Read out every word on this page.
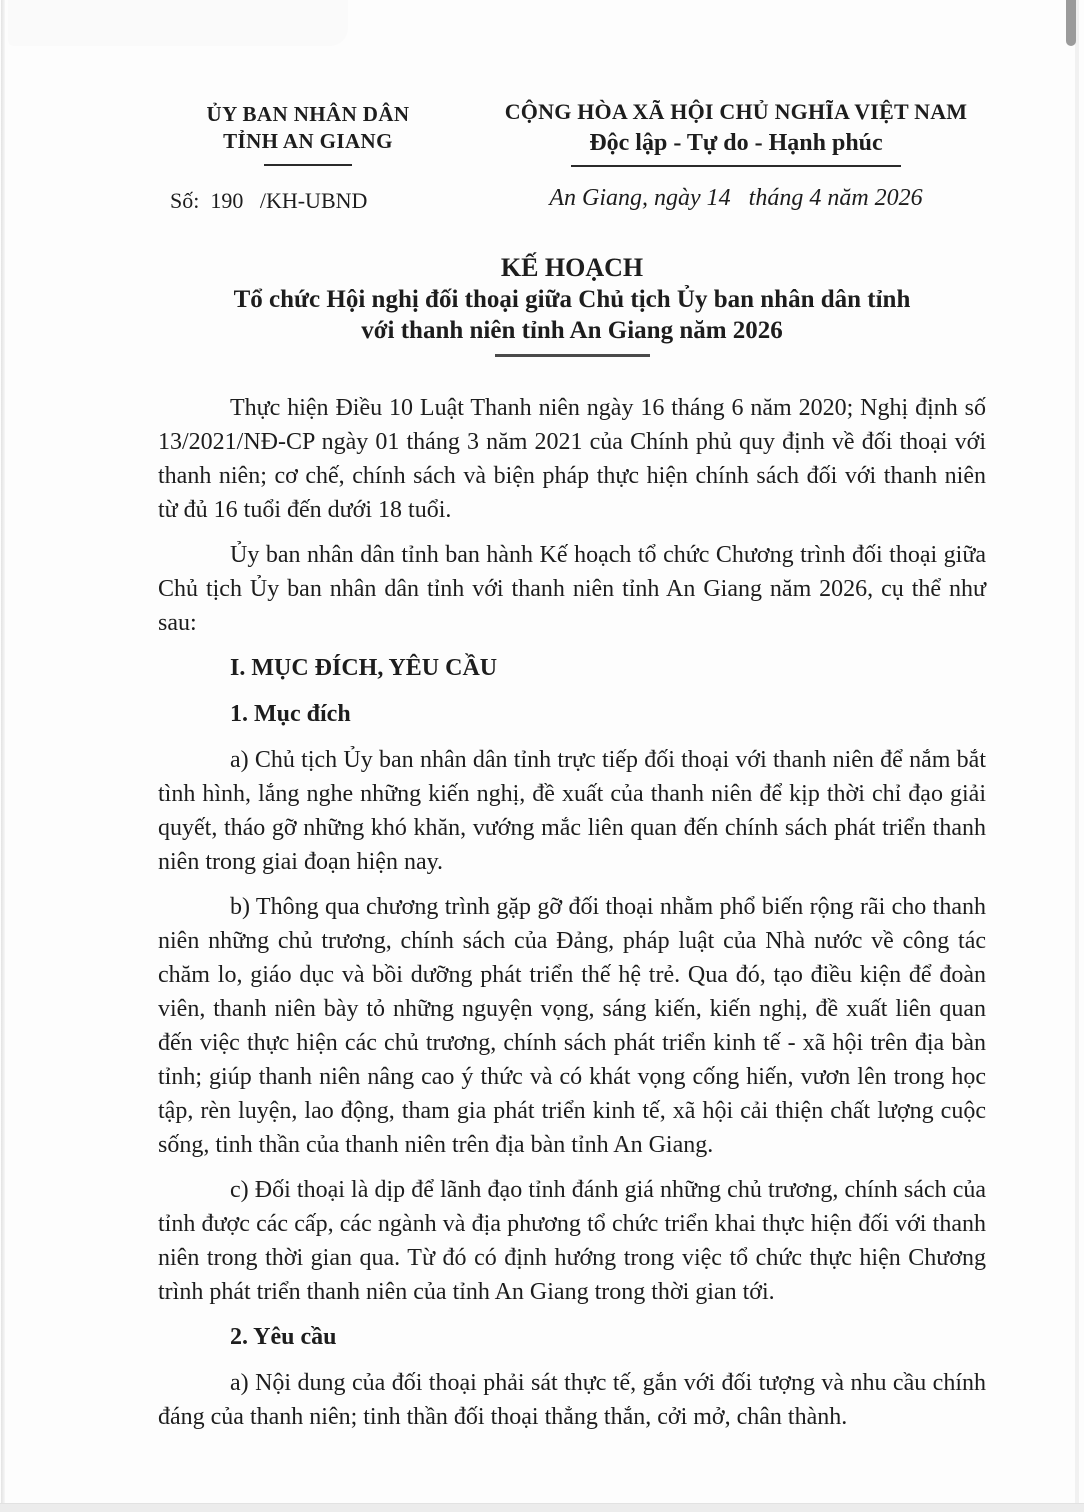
ỦY BAN NHÂN DÂN
TỈNH AN GIANG
Số:  190   /KH-UBND
CỘNG HÒA XÃ HỘI CHỦ NGHĨA VIỆT NAM
Độc lập - Tự do - Hạnh phúc
An Giang, ngày 14   tháng 4 năm 2026
KẾ HOẠCH
Tổ chức Hội nghị đối thoại giữa Chủ tịch Ủy ban nhân dân tỉnh
với thanh niên tỉnh An Giang năm 2026
Thực hiện Điều 10 Luật Thanh niên ngày 16 tháng 6 năm 2020; Nghị định số 13/2021/NĐ-CP ngày 01 tháng 3 năm 2021 của Chính phủ quy định về đối thoại với thanh niên; cơ chế, chính sách và biện pháp thực hiện chính sách đối với thanh niên từ đủ 16 tuổi đến dưới 18 tuổi.
Ủy ban nhân dân tỉnh ban hành Kế hoạch tổ chức Chương trình đối thoại giữa Chủ tịch Ủy ban nhân dân tỉnh với thanh niên tỉnh An Giang năm 2026, cụ thể như sau:
I. MỤC ĐÍCH, YÊU CẦU
1. Mục đích
a) Chủ tịch Ủy ban nhân dân tỉnh trực tiếp đối thoại với thanh niên để nắm bắt tình hình, lắng nghe những kiến nghị, đề xuất của thanh niên để kịp thời chỉ đạo giải quyết, tháo gỡ những khó khăn, vướng mắc liên quan đến chính sách phát triển thanh niên trong giai đoạn hiện nay.
b) Thông qua chương trình gặp gỡ đối thoại nhằm phổ biến rộng rãi cho thanh niên những chủ trương, chính sách của Đảng, pháp luật của Nhà nước về công tác chăm lo, giáo dục và bồi dưỡng phát triển thế hệ trẻ. Qua đó, tạo điều kiện để đoàn viên, thanh niên bày tỏ những nguyện vọng, sáng kiến, kiến nghị, đề xuất liên quan đến việc thực hiện các chủ trương, chính sách phát triển kinh tế - xã hội trên địa bàn tỉnh; giúp thanh niên nâng cao ý thức và có khát vọng cống hiến, vươn lên trong học tập, rèn luyện, lao động, tham gia phát triển kinh tế, xã hội cải thiện chất lượng cuộc sống, tinh thần của thanh niên trên địa bàn tỉnh An Giang.
c) Đối thoại là dịp để lãnh đạo tỉnh đánh giá những chủ trương, chính sách của tỉnh được các cấp, các ngành và địa phương tổ chức triển khai thực hiện đối với thanh niên trong thời gian qua. Từ đó có định hướng trong việc tổ chức thực hiện Chương trình phát triển thanh niên của tỉnh An Giang trong thời gian tới.
2. Yêu cầu
a) Nội dung của đối thoại phải sát thực tế, gắn với đối tượng và nhu cầu chính đáng của thanh niên; tinh thần đối thoại thẳng thắn, cởi mở, chân thành.
